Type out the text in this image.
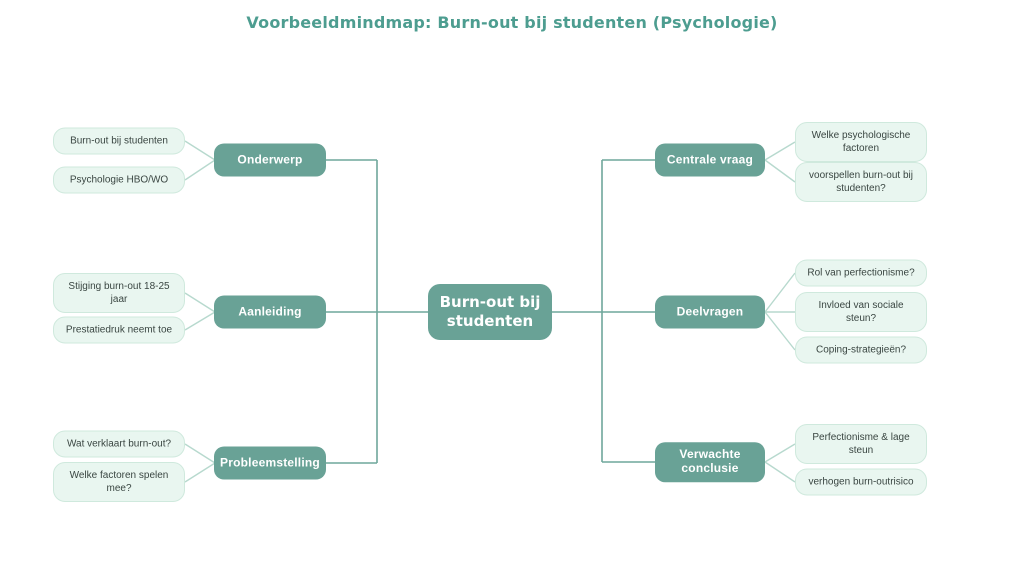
Voorbeeldmindmap: Burn-out bij studenten (Psychologie)
Burn-out bij studenten
Psychologie HBO/WO
Stijging burn-out 18-25 jaar
Prestatiedruk neemt toe
Wat verklaart burn-out?
Welke factoren spelen mee?
Onderwerp
Aanleiding
Probleemstelling
Burn-out bij studenten
Centrale vraag
Deelvragen
Verwachte conclusie
Welke psychologische factoren
voorspellen burn-out bij studenten?
Rol van perfectionisme?
Invloed van sociale steun?
Coping-strategieën?
Perfectionisme & lage steun
verhogen burn-outrisico
